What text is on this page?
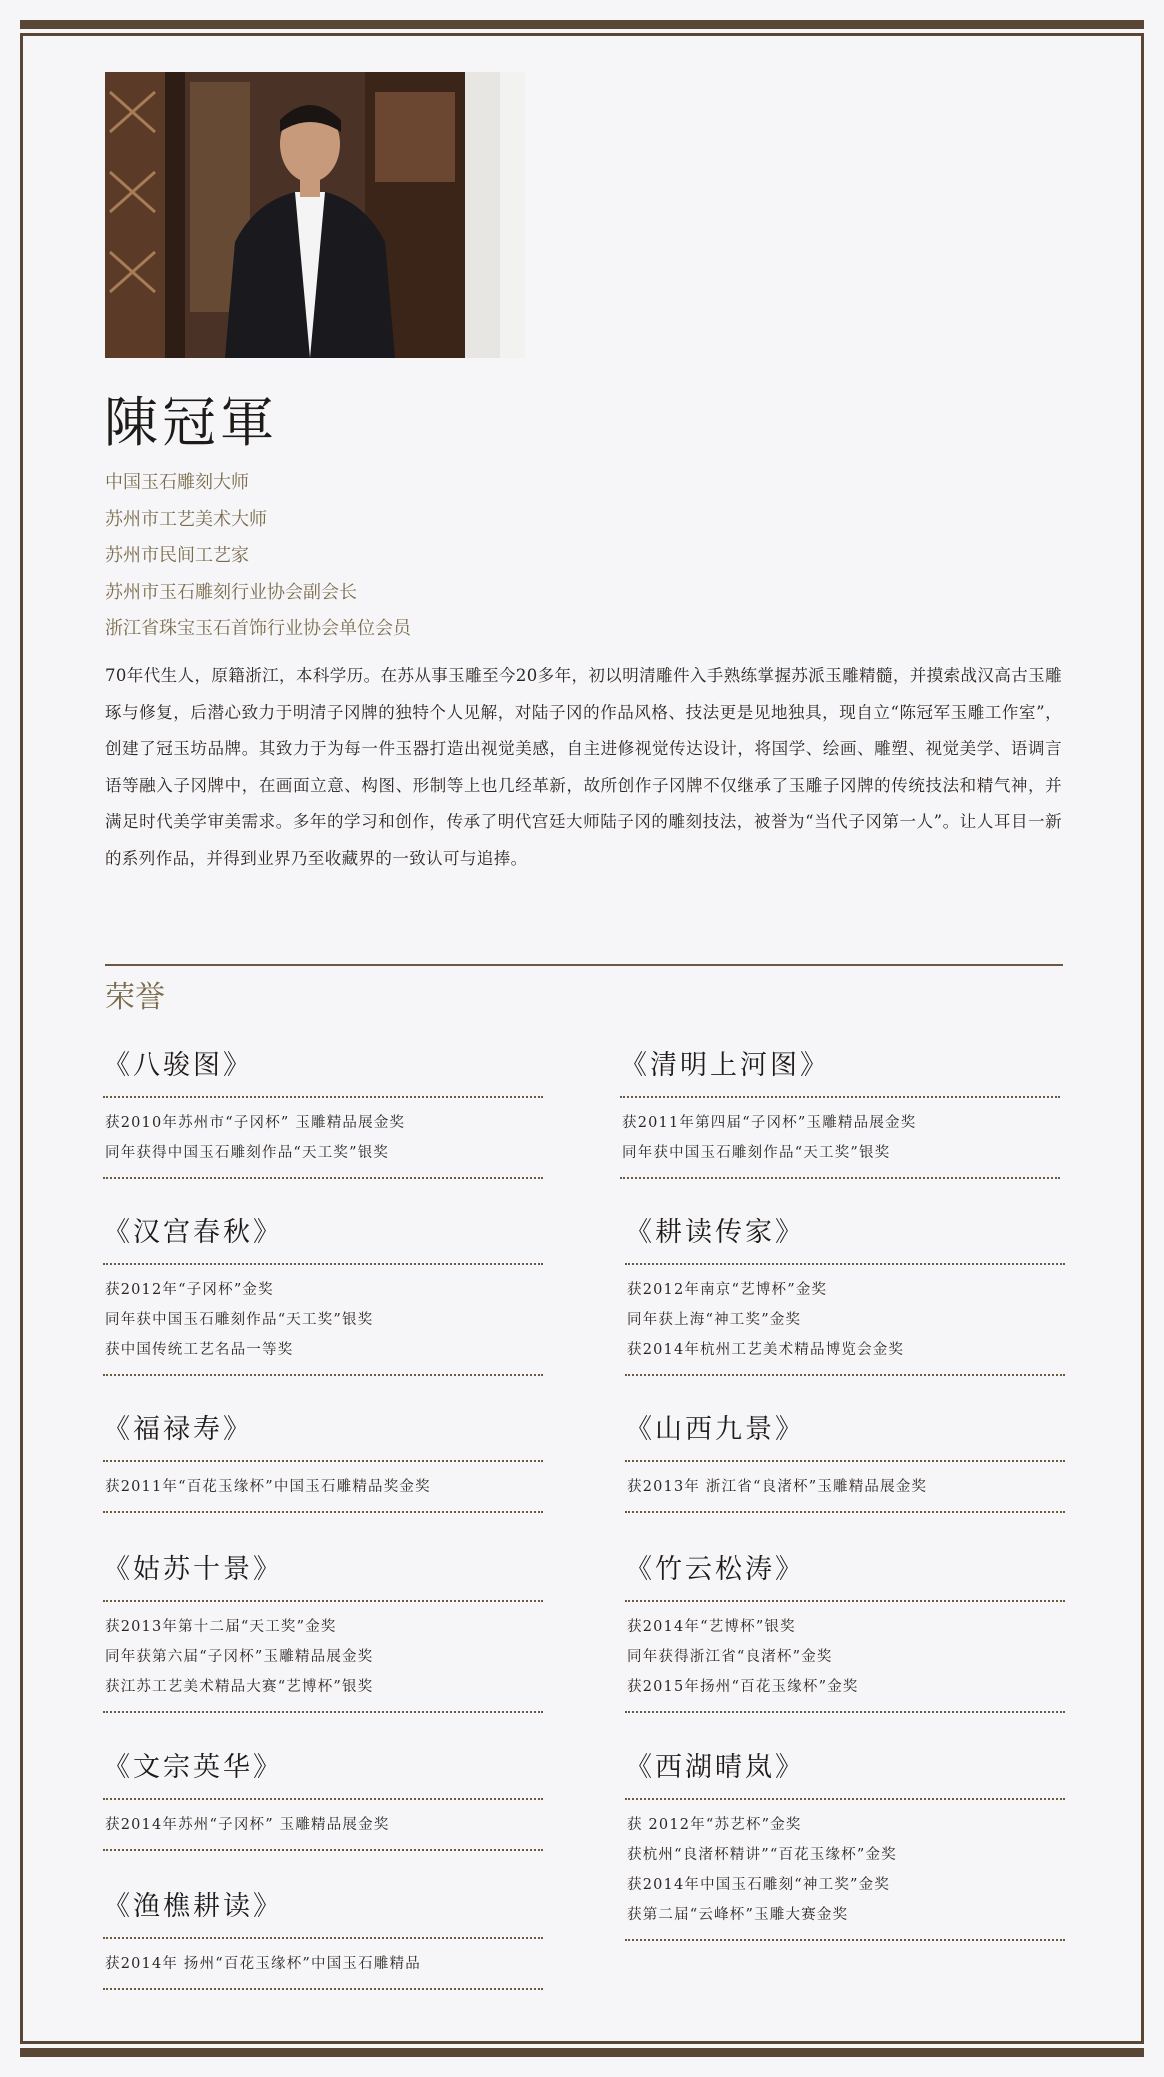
陳冠軍
中国玉石雕刻大师
苏州市工艺美术大师
苏州市民间工艺家
苏州市玉石雕刻行业协会副会长
浙江省珠宝玉石首饰行业协会单位会员

70年代生人，原籍浙江，本科学历。在苏从事玉雕至今20多年，初以明清雕件入手熟练掌握苏派玉雕精髓，并摸索战汉高古玉雕琢与修复，后潜心致力于明清子冈牌的独特个人见解，对陆子冈的作品风格、技法更是见地独具，现自立“陈冠军玉雕工作室”，创建了冠玉坊品牌。其致力于为每一件玉器打造出视觉美感，自主进修视觉传达设计，将国学、绘画、雕塑、视觉美学、语调言语等融入子冈牌中，在画面立意、构图、形制等上也几经革新，故所创作子冈牌不仅继承了玉雕子冈牌的传统技法和精气神，并满足时代美学审美需求。多年的学习和创作，传承了明代宫廷大师陆子冈的雕刻技法，被誉为“当代子冈第一人”。让人耳目一新的系列作品，并得到业界乃至收藏界的一致认可与追捧。

荣誉
《八骏图》
获2010年苏州市“子冈杯” 玉雕精品展金奖
同年获得中国玉石雕刻作品“天工奖”银奖
《汉宫春秋》
获2012年“子冈杯”金奖
同年获中国玉石雕刻作品“天工奖”银奖
获中国传统工艺名品一等奖
《福禄寿》
获2011年“百花玉缘杯”中国玉石雕精品奖金奖
《姑苏十景》
获2013年第十二届“天工奖”金奖
同年获第六届“子冈杯”玉雕精品展金奖
获江苏工艺美术精品大赛“艺博杯”银奖
《文宗英华》
获2014年苏州“子冈杯” 玉雕精品展金奖
《渔樵耕读》
获2014年 扬州“百花玉缘杯”中国玉石雕精品
《清明上河图》
获2011年第四届“子冈杯”玉雕精品展金奖
同年获中国玉石雕刻作品“天工奖”银奖
《耕读传家》
获2012年南京“艺博杯”金奖
同年获上海“神工奖”金奖
获2014年杭州工艺美术精品博览会金奖
《山西九景》
获2013年 浙江省“良渚杯”玉雕精品展金奖
《竹云松涛》
获2014年“艺博杯”银奖
同年获得浙江省“良渚杯”金奖
获2015年扬州“百花玉缘杯”金奖
《西湖晴岚》
获 2012年“苏艺杯”金奖
获杭州“良渚杯精讲”“百花玉缘杯”金奖
获2014年中国玉石雕刻“神工奖”金奖
获第二届“云峰杯”玉雕大赛金奖
